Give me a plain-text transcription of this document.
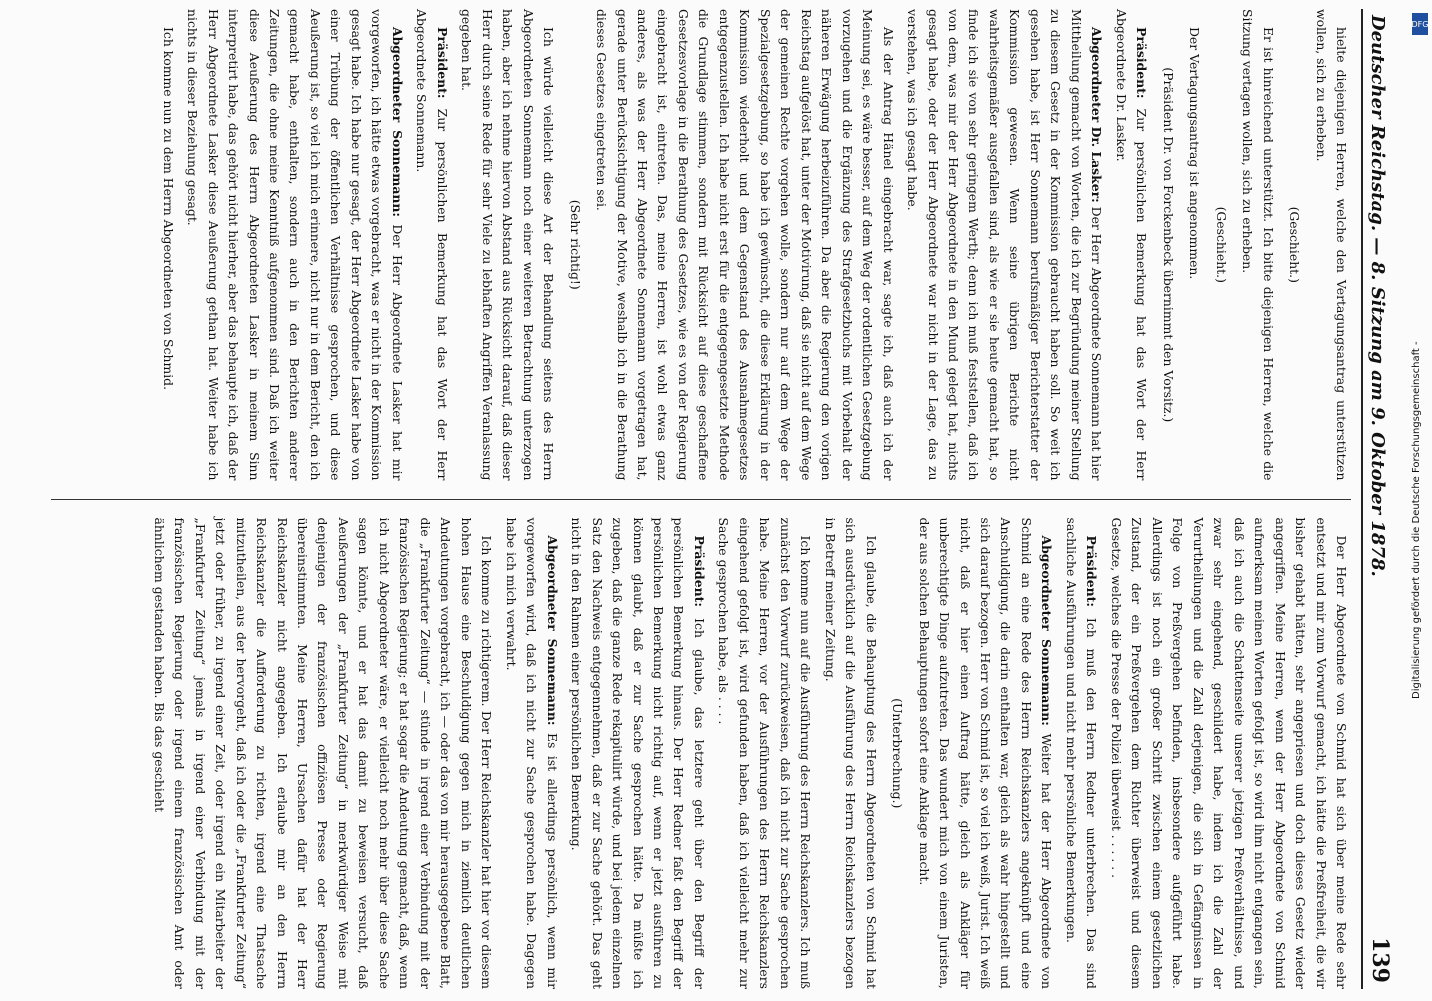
Deutscher Reichstag. — 8. Sitzung am 9. Oktober 1878.
139

hielte diejenigen Herren, welche den Vertagungsantrag unterstützen wollen, sich zu erheben.

(Geschieht.)

Er ist hinreichend unterstützt. Ich bitte diejenigen Herren, welche die Sitzung vertagen wollen, sich zu erheben.

(Geschieht.)

Der Vertagungsantrag ist angenommen.

(Präsident Dr. von Forckenbeck übernimmt den Vorsitz.)

Präsident: Zur persönlichen Bemerkung hat das Wort der Herr Abgeordnete Dr. Lasker.

Abgeordneter Dr. Lasker: Der Herr Abgeordnete Sonnemann hat hier Mittheilung gemacht von Worten, die ich zur Begründung meiner Stellung zu diesem Gesetz in der Kommission gebraucht haben soll. So weit ich gesehen habe, ist Herr Sonnemann berufsmäßiger Berichterstatter der Kommission gewesen. Wenn seine übrigen Berichte nicht wahrheitsgemäßer ausgefallen sind, als wie er sie heute gemacht hat, so finde ich sie von sehr geringem Werth; denn ich muß feststellen, daß ich von dem, was mir der Herr Abgeordnete in den Mund gelegt hat, nichts gesagt habe, oder der Herr Abgeordnete war nicht in der Lage, das zu verstehen, was ich gesagt habe.

Als der Antrag Hänel eingebracht war, sagte ich, daß auch ich der Meinung sei, es wäre besser, auf dem Weg der ordentlichen Gesetzgebung vorzugehen und die Ergänzung des Strafgesetzbuchs mit Vorbehalt der näheren Erwägung herbeizuführen. Da aber die Regierung den vorigen Reichstag aufgelöst hat, unter der Motivirung, daß sie nicht auf dem Wege der gemeinen Rechte vorgehen wolle, sondern nur auf dem Wege der Spezialgesetzgebung, so habe ich gewünscht, die diese Erklärung in der Kommission wiederholt und dem Gegenstand des Ausnahmegesetzes entgegenzustellen. Ich habe nicht erst für die entgegengesetzte Methode die Grundlage stimmen, sondern mit Rücksicht auf diese geschaffene Gesetzesvorlage in die Berathung des Gesetzes, wie es von der Regierung eingebracht ist, eintreten. Das, meine Herren, ist wohl etwas ganz anderes, als was der Herr Abgeordnete Sonnemann vorgetragen hat, gerade unter Berücksichtigung der Motive, weshalb ich in die Berathung dieses Gesetzes eingetreten sei.

(Sehr richtig!)

Ich würde vielleicht diese Art der Behandlung seitens des Herrn Abgeordneten Sonnemann noch einer weiteren Betrachtung unterzogen haben, aber ich nehme hiervon Abstand aus Rücksicht darauf, daß dieser Herr durch seine Rede für sehr Viele zu lebhaften Angriffen Veranlassung gegeben hat.

Präsident: Zur persönlichen Bemerkung hat das Wort der Herr Abgeordnete Sonnemann.

Abgeordneter Sonnemann: Der Herr Abgeordnete Lasker hat mir vorgeworfen, ich hätte etwas vorgebracht, was er nicht in der Kommission gesagt habe. Ich habe nur gesagt, der Herr Abgeordnete Lasker habe von einer Trübung der öffentlichen Verhältnisse gesprochen, und diese Aeußerung ist, so viel ich mich erinnere, nicht nur in dem Bericht, den ich gemacht habe, enthalten, sondern auch in den Berichten anderer Zeitungen, die ohne meine Kenntniß aufgenommen sind. Daß ich weiter diese Aeußerung des Herrn Abgeordneten Lasker in meinem Sinn interpretirt habe, das gehört nicht hierher, aber das behaupte ich, daß der Herr Abgeordnete Lasker diese Aeußerung gethan hat. Weiter habe ich nichts in dieser Beziehung gesagt.

Ich komme nun zu dem Herrn Abgeordneten von Schmid.

Der Herr Abgeordnete von Schmid hat sich über meine Rede sehr entsetzt und mir zum Vorwurf gemacht, ich hätte die Preßfreiheit, die wir bisher gehabt hätten, sehr angepriesen und doch dieses Gesetz wieder angegriffen. Meine Herren, wenn der Herr Abgeordnete von Schmid aufmerksam meinen Worten gefolgt ist, so wird ihm nicht entgangen sein, daß ich auch die Schattenseite unserer jetzigen Preßverhältnisse, und zwar sehr eingehend, geschildert habe, indem ich die Zahl der Verurtheilungen und die Zahl derjenigen, die sich in Gefängnissen in Folge von Preßvergehen befinden, insbesondere aufgeführt habe. Allerdings ist noch ein großer Schritt zwischen einem gesetzlichen Zustand, der ein Preßvergehen dem Richter überweist und diesem Gesetze, welches die Presse der Polizei überweist . . . . . .

Präsident: Ich muß den Herrn Redner unterbrechen. Das sind sachliche Ausführungen und nicht mehr persönliche Bemerkungen.

Abgeordneter Sonnemann: Weiter hat der Herr Abgeordnete von Schmid an eine Rede des Herrn Reichskanzlers angeknüpft und eine Anschuldigung, die darin enthalten war, gleich als wahr hingestellt und sich darauf bezogen. Herr von Schmid ist, so viel ich weiß, Jurist. Ich weiß nicht, daß er hier einen Auftrag hätte, gleich als Ankläger für unberechtigte Dinge aufzutreten. Das wundert mich von einem Juristen, der aus solchen Behauptungen sofort eine Anklage macht.

(Unterbrechung.)

Ich glaube, die Behauptung des Herrn Abgeordneten von Schmid hat sich ausdrücklich auf die Ausführung des Herrn Reichskanzlers bezogen in Betreff meiner Zeitung.

Ich komme nun auf die Ausführung des Herrn Reichskanzlers. Ich muß zunächst den Vorwurf zurückweisen, daß ich nicht zur Sache gesprochen habe. Meine Herren, vor der Ausführungen des Herrn Reichskanzlers eingehend gefolgt ist, wird gefunden haben, daß ich vielleicht mehr zur Sache gesprochen habe, als . . . .

Präsident: Ich glaube, das letztere geht über den Begriff der persönlichen Bemerkung hinaus. Der Herr Redner faßt den Begriff der persönlichen Bemerkung nicht richtig auf, wenn er jetzt ausführen zu können glaubt, daß er zur Sache gesprochen hätte. Da müßte ich zugeben, daß die ganze Rede rekapitulirt würde, und bei jedem einzelnen Satz den Nachweis entgegennehmen, daß er zur Sache gehört. Das geht nicht in den Rahmen einer persönlichen Bemerkung.

Abgeordneter Sonnemann: Es ist allerdings persönlich, wenn mir vorgeworfen wird, daß ich nicht zur Sache gesprochen habe. Dagegen habe ich mich verwahrt.

Ich komme zu richtigerem. Der Herr Reichskanzler hat hier vor diesem hohen Hause eine Beschuldigung gegen mich in ziemlich deutlichen Andeutungen vorgebracht, ich — oder das von mir herausgegebene Blatt, die „Frankfurter Zeitung“ — stünde in irgend einer Verbindung mit der französischen Regierung; er hat sogar die Andeutung gemacht, daß, wenn ich nicht Abgeordneter wäre, er vielleicht noch mehr über diese Sache sagen könnte, und er hat das damit zu beweisen versucht, daß Aeußerungen der „Frankfurter Zeitung“ in merkwürdiger Weise mit denjenigen der französischen offiziösen Presse oder Regierung übereinstimmten. Meine Herren, Ursachen dafür hat der Herr Reichskanzler nicht angegeben. Ich erlaube mir an den Herrn Reichskanzler die Aufforderung zu richten, irgend eine Thatsache mitzutheilen, aus der hervorgeht, daß ich oder die „Frankfurter Zeitung“ jetzt oder früher, zu irgend einer Zeit, oder irgend ein Mitarbeiter der „Frankfurter Zeitung“ jemals in irgend einer Verbindung mit der französischen Regierung oder irgend einem französischen Amt oder ähnlichem gestanden haben. Bis das geschieht

DFG
Digitalisierung gefördert durch die Deutsche Forschungsgemeinschaft -
